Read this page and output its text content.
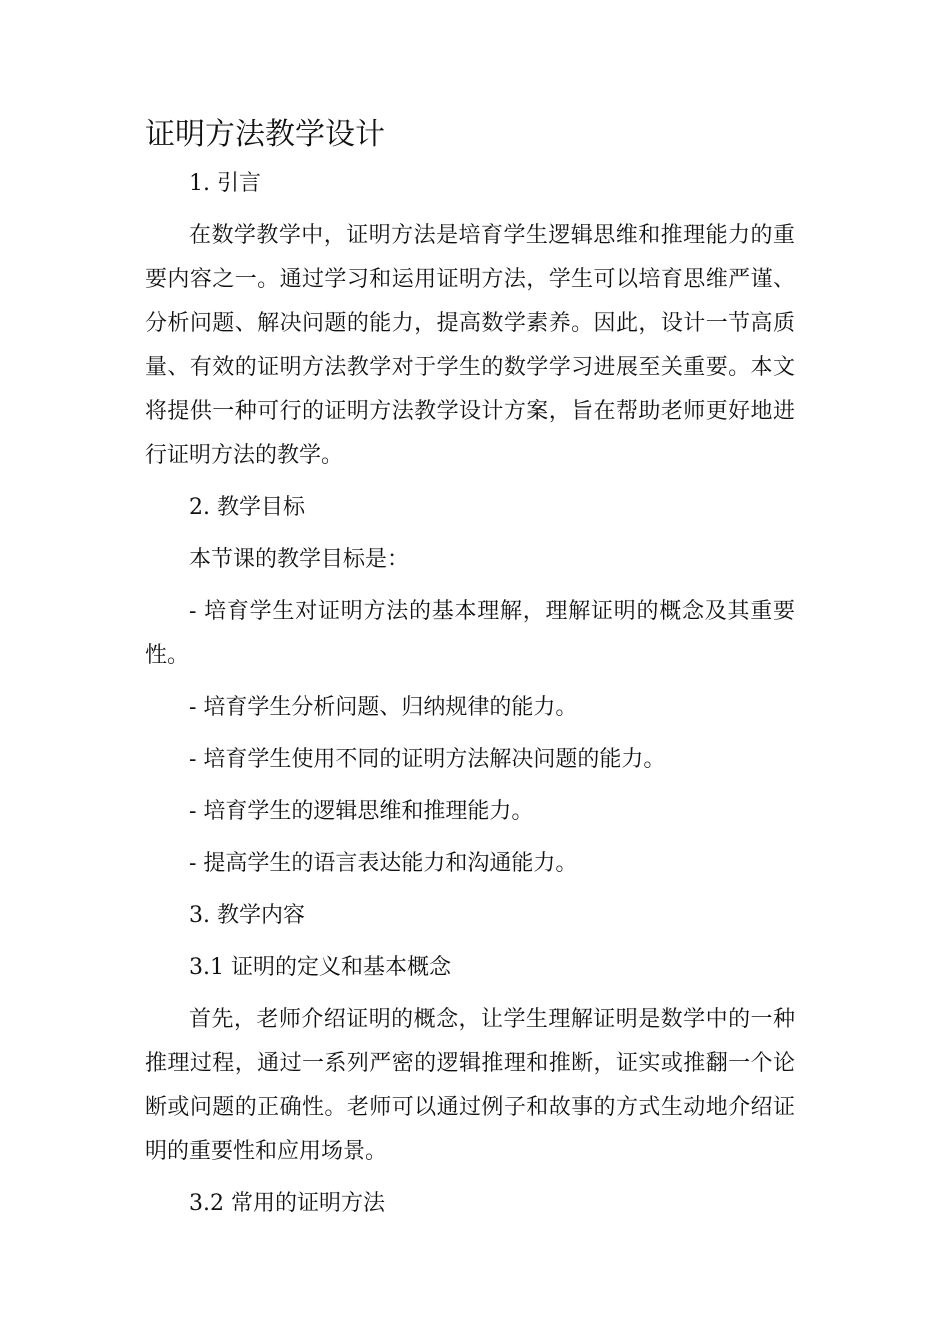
证明方法教学设计

1. 引言

在数学教学中，证明方法是培育学生逻辑思维和推理能力的重要内容之一。通过学习和运用证明方法，学生可以培育思维严谨、分析问题、解决问题的能力，提高数学素养。因此，设计一节高质量、有效的证明方法教学对于学生的数学学习进展至关重要。本文将提供一种可行的证明方法教学设计方案，旨在帮助老师更好地进行证明方法的教学。

2. 教学目标

本节课的教学目标是：

- 培育学生对证明方法的基本理解，理解证明的概念及其重要性。

- 培育学生分析问题、归纳规律的能力。

- 培育学生使用不同的证明方法解决问题的能力。

- 培育学生的逻辑思维和推理能力。

- 提高学生的语言表达能力和沟通能力。

3. 教学内容

3.1 证明的定义和基本概念

首先，老师介绍证明的概念，让学生理解证明是数学中的一种推理过程，通过一系列严密的逻辑推理和推断，证实或推翻一个论断或问题的正确性。老师可以通过例子和故事的方式生动地介绍证明的重要性和应用场景。

3.2 常用的证明方法
